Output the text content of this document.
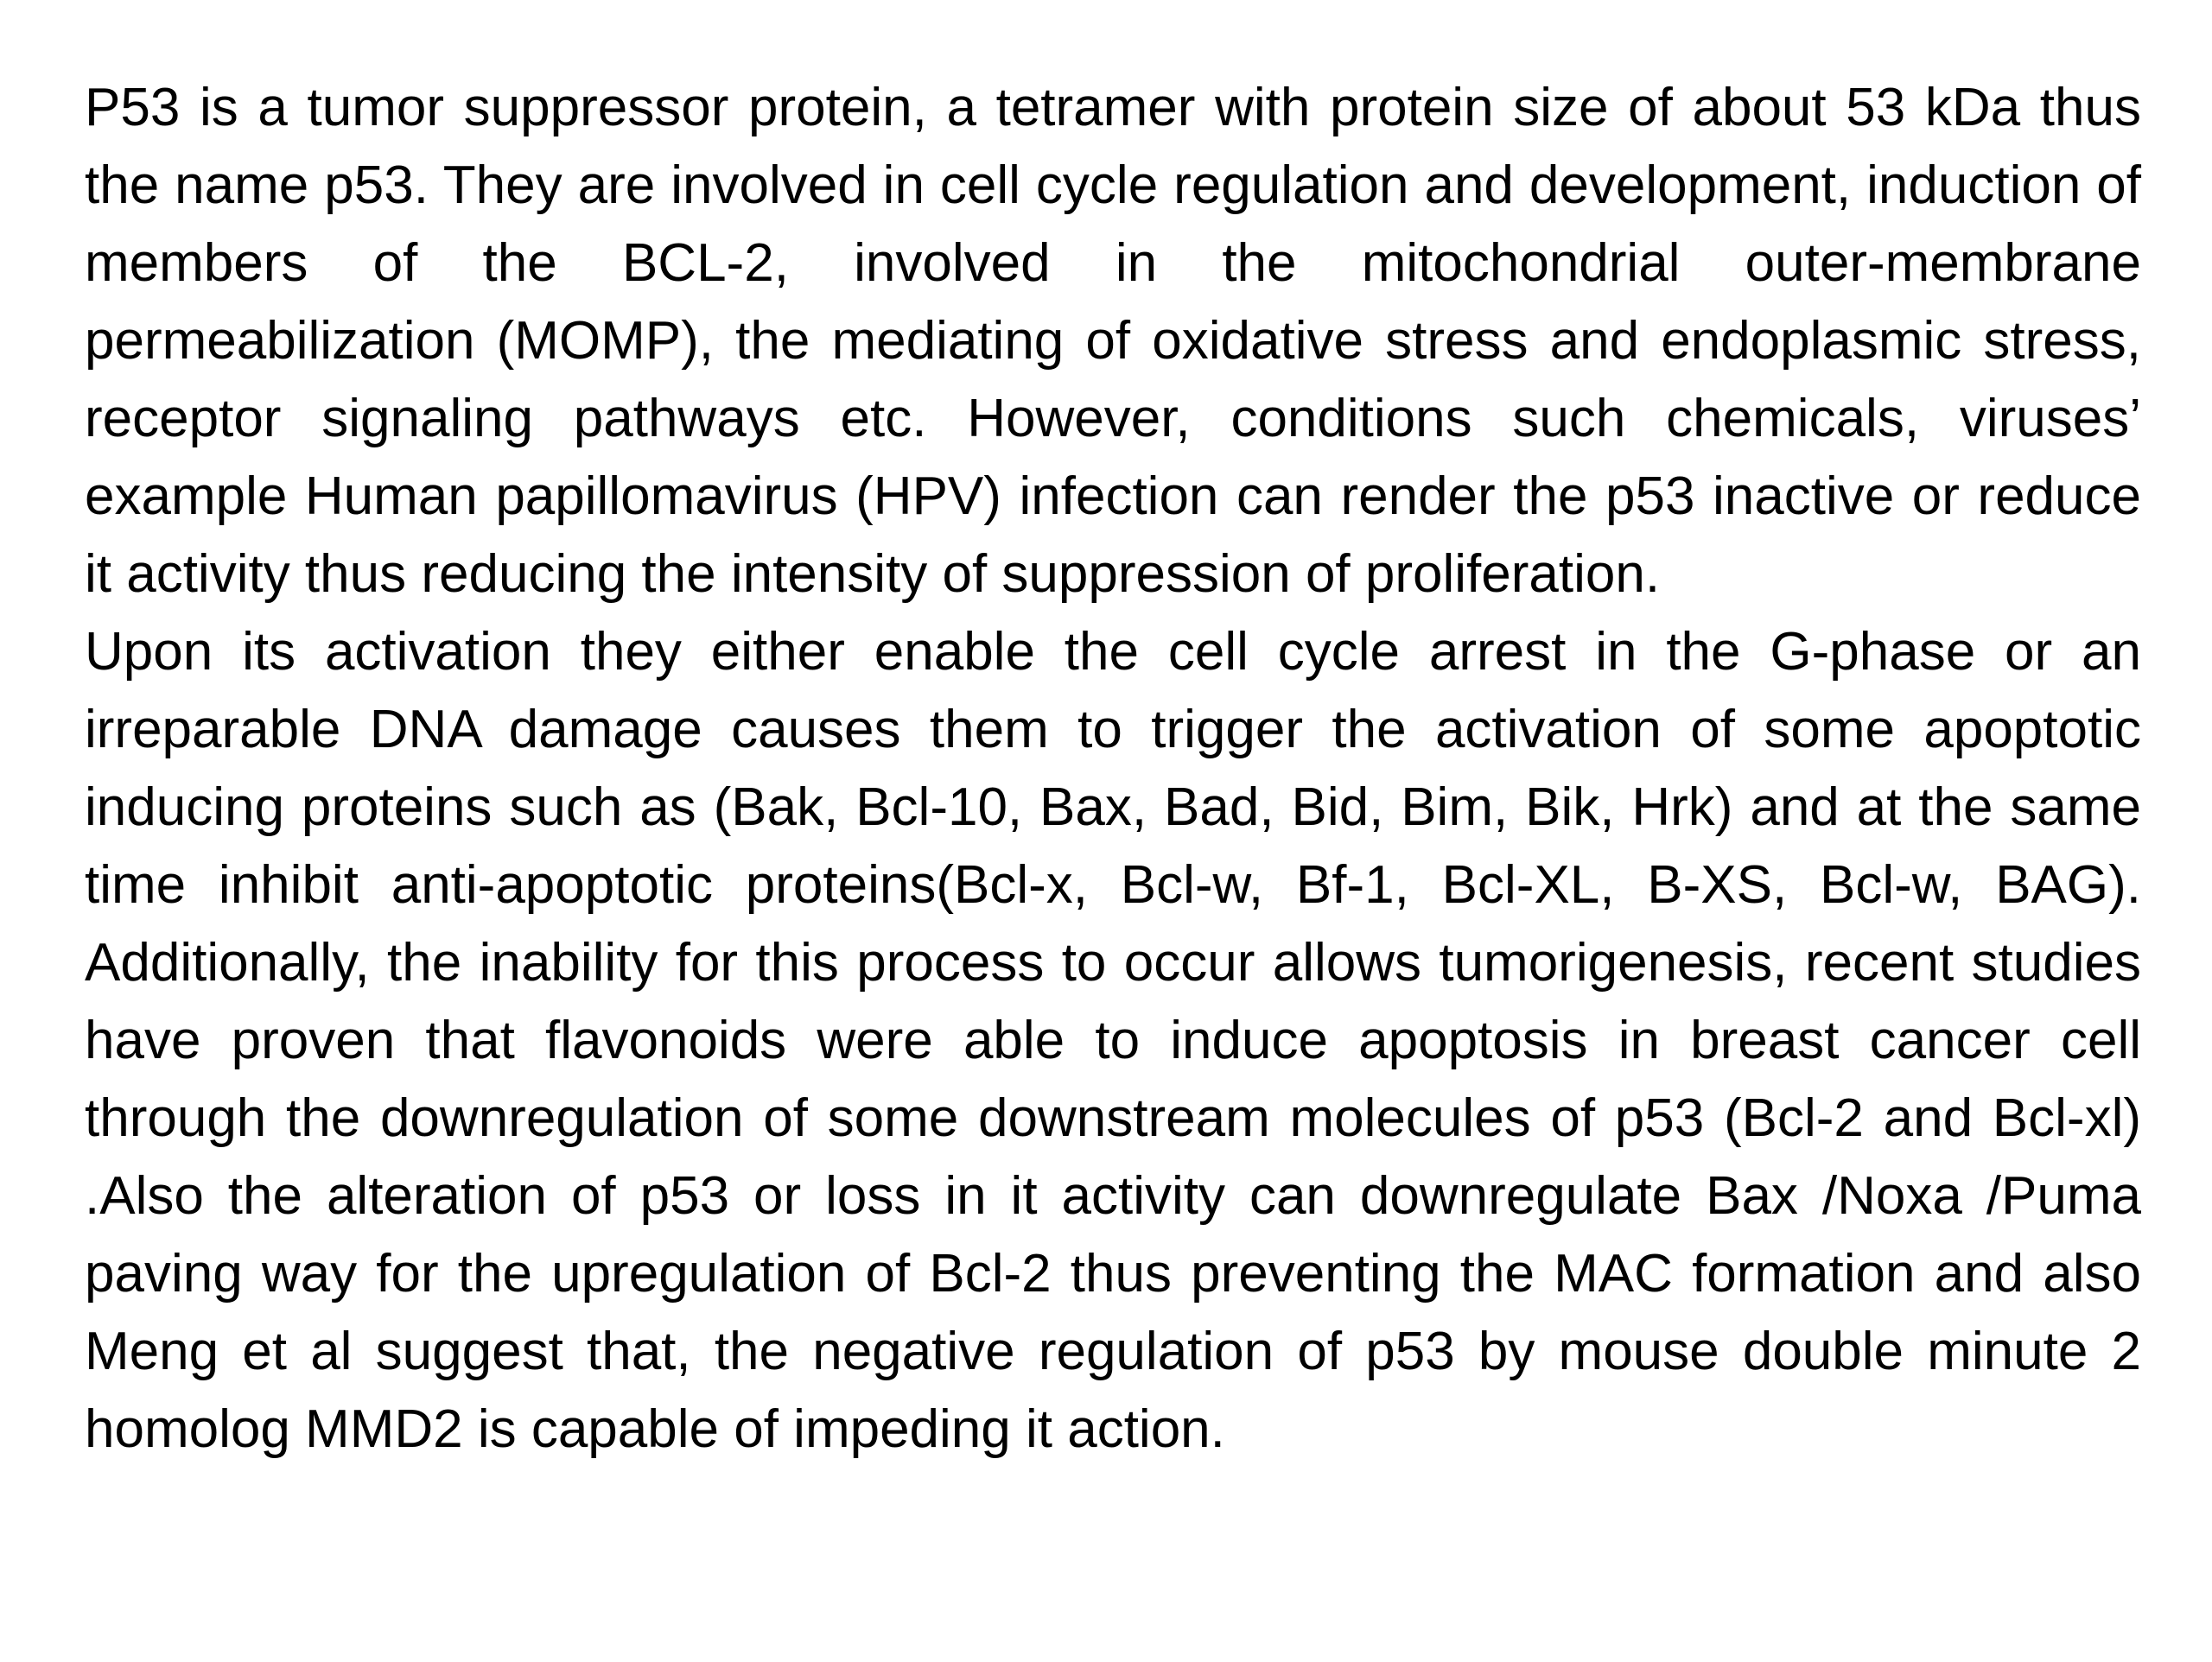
P53 is a tumor suppressor protein, a tetramer with protein size of about 53 kDa thus the name p53. They are involved in cell cycle regulation and development, induction of members of the BCL-2, involved in the mitochondrial outer-membrane permeabilization (MOMP), the mediating of oxidative stress and endoplasmic stress, receptor signaling pathways etc. However, conditions such chemicals, viruses’ example Human papillomavirus (HPV) infection can render the p53 inactive or reduce it activity thus reducing the intensity of suppression of proliferation.

Upon its activation they either enable the cell cycle arrest in the G-phase or an irreparable DNA damage causes them to trigger the activation of some apoptotic inducing proteins such as (Bak, Bcl-10, Bax, Bad, Bid, Bim, Bik, Hrk) and at the same time inhibit anti-apoptotic proteins(Bcl-x, Bcl-w, Bf-1, Bcl-XL, B-XS, Bcl-w, BAG). Additionally, the inability for this process to occur allows tumorigenesis, recent studies have proven that flavonoids were able to induce apoptosis in breast cancer cell through the downregulation of some downstream molecules of p53 (Bcl-2 and Bcl-xl) .Also the alteration of p53 or loss in it activity can downregulate Bax /Noxa /Puma paving way for the upregulation of Bcl-2 thus preventing the MAC formation and also Meng et al suggest that, the negative regulation of p53 by mouse double minute 2 homolog MMD2 is capable of impeding it action.
